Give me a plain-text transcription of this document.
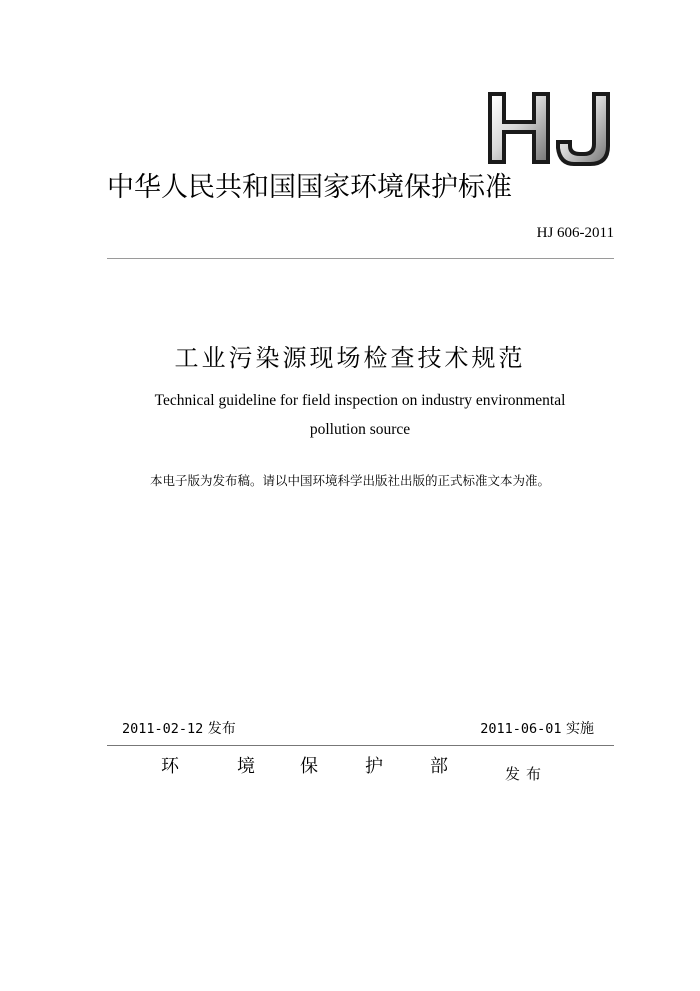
中华人民共和国国家环境保护标准
HJ 606-2011
工业污染源现场检查技术规范
Technical guideline for field inspection on industry environmental
pollution source
本电子版为发布稿。请以中国环境科学出版社出版的正式标准文本为准。
2011-02-12 发布	2011-06-01 实施
环	境	保	护	部	发布
